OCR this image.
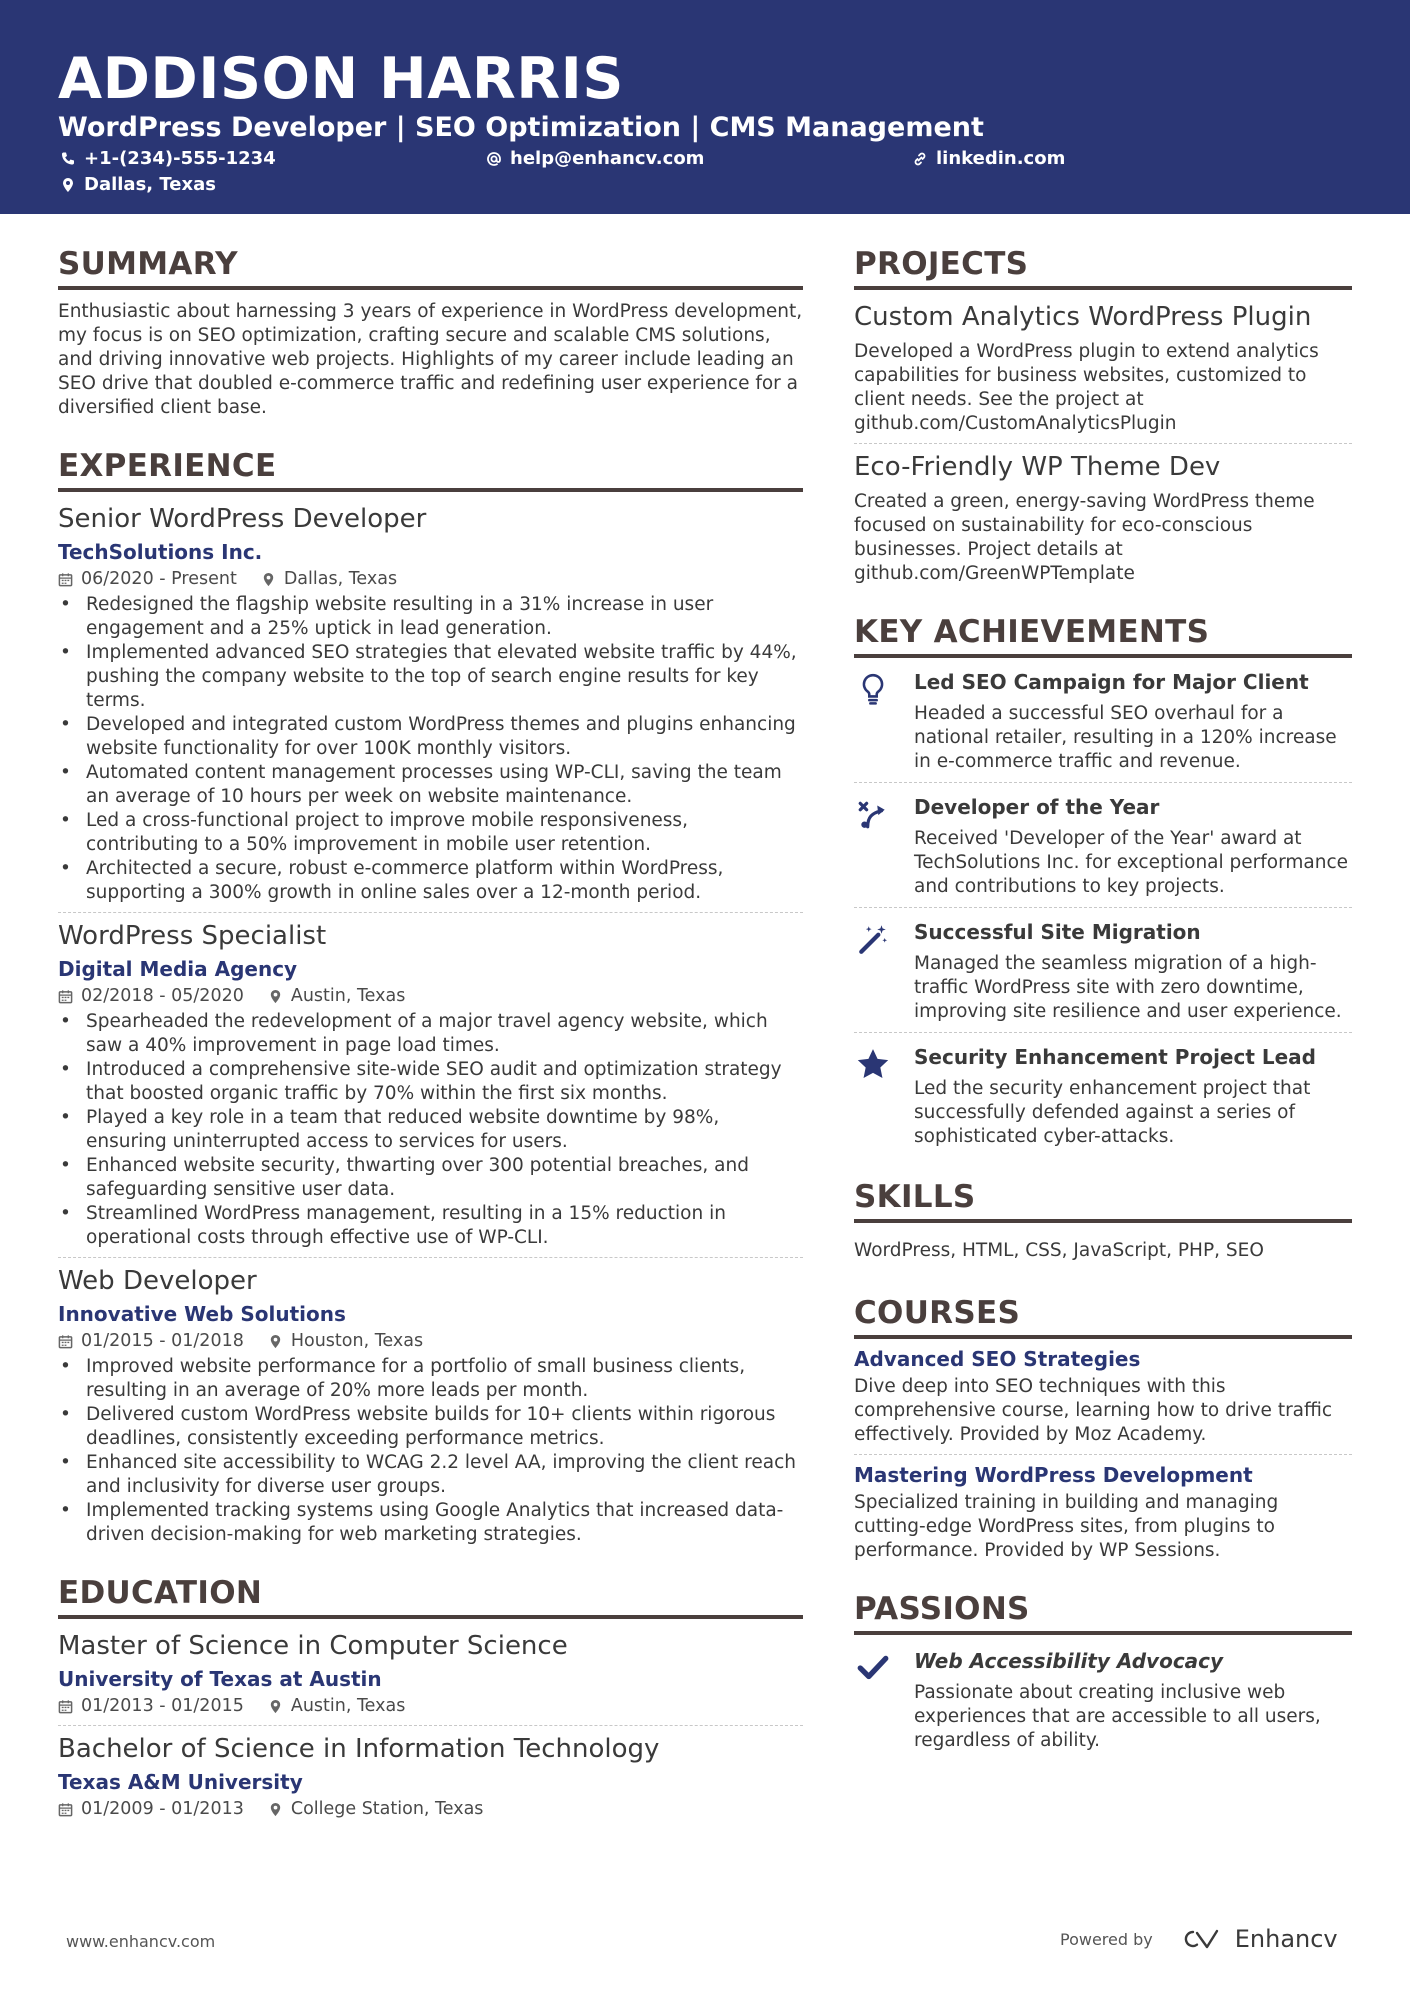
ADDISON HARRIS
WordPress Developer | SEO Optimization | CMS Management
+1-(234)-555-1234	help@enhancv.com	linkedin.com
Dallas, Texas
SUMMARY
Enthusiastic about harnessing 3 years of experience in WordPress development, my focus is on SEO optimization, crafting secure and scalable CMS solutions, and driving innovative web projects. Highlights of my career include leading an SEO drive that doubled e-commerce traffic and redefining user experience for a diversified client base.
EXPERIENCE
Senior WordPress Developer
TechSolutions Inc.
06/2020 - Present	Dallas, Texas
• Redesigned the flagship website resulting in a 31% increase in user engagement and a 25% uptick in lead generation.
• Implemented advanced SEO strategies that elevated website traffic by 44%, pushing the company website to the top of search engine results for key terms.
• Developed and integrated custom WordPress themes and plugins enhancing website functionality for over 100K monthly visitors.
• Automated content management processes using WP-CLI, saving the team an average of 10 hours per week on website maintenance.
• Led a cross-functional project to improve mobile responsiveness, contributing to a 50% improvement in mobile user retention.
• Architected a secure, robust e-commerce platform within WordPress, supporting a 300% growth in online sales over a 12-month period.
WordPress Specialist
Digital Media Agency
02/2018 - 05/2020	Austin, Texas
• Spearheaded the redevelopment of a major travel agency website, which saw a 40% improvement in page load times.
• Introduced a comprehensive site-wide SEO audit and optimization strategy that boosted organic traffic by 70% within the first six months.
• Played a key role in a team that reduced website downtime by 98%, ensuring uninterrupted access to services for users.
• Enhanced website security, thwarting over 300 potential breaches, and safeguarding sensitive user data.
• Streamlined WordPress management, resulting in a 15% reduction in operational costs through effective use of WP-CLI.
Web Developer
Innovative Web Solutions
01/2015 - 01/2018	Houston, Texas
• Improved website performance for a portfolio of small business clients, resulting in an average of 20% more leads per month.
• Delivered custom WordPress website builds for 10+ clients within rigorous deadlines, consistently exceeding performance metrics.
• Enhanced site accessibility to WCAG 2.2 level AA, improving the client reach and inclusivity for diverse user groups.
• Implemented tracking systems using Google Analytics that increased data-driven decision-making for web marketing strategies.
EDUCATION
Master of Science in Computer Science
University of Texas at Austin
01/2013 - 01/2015	Austin, Texas
Bachelor of Science in Information Technology
Texas A&M University
01/2009 - 01/2013	College Station, Texas
PROJECTS
Custom Analytics WordPress Plugin
Developed a WordPress plugin to extend analytics capabilities for business websites, customized to client needs. See the project at github.com/CustomAnalyticsPlugin
Eco-Friendly WP Theme Dev
Created a green, energy-saving WordPress theme focused on sustainability for eco-conscious businesses. Project details at github.com/GreenWPTemplate
KEY ACHIEVEMENTS
Led SEO Campaign for Major Client
Headed a successful SEO overhaul for a national retailer, resulting in a 120% increase in e-commerce traffic and revenue.
Developer of the Year
Received 'Developer of the Year' award at TechSolutions Inc. for exceptional performance and contributions to key projects.
Successful Site Migration
Managed the seamless migration of a high-traffic WordPress site with zero downtime, improving site resilience and user experience.
Security Enhancement Project Lead
Led the security enhancement project that successfully defended against a series of sophisticated cyber-attacks.
SKILLS
WordPress, HTML, CSS, JavaScript, PHP, SEO
COURSES
Advanced SEO Strategies
Dive deep into SEO techniques with this comprehensive course, learning how to drive traffic effectively. Provided by Moz Academy.
Mastering WordPress Development
Specialized training in building and managing cutting-edge WordPress sites, from plugins to performance. Provided by WP Sessions.
PASSIONS
Web Accessibility Advocacy
Passionate about creating inclusive web experiences that are accessible to all users, regardless of ability.
www.enhancv.com	Powered by	Enhancv
